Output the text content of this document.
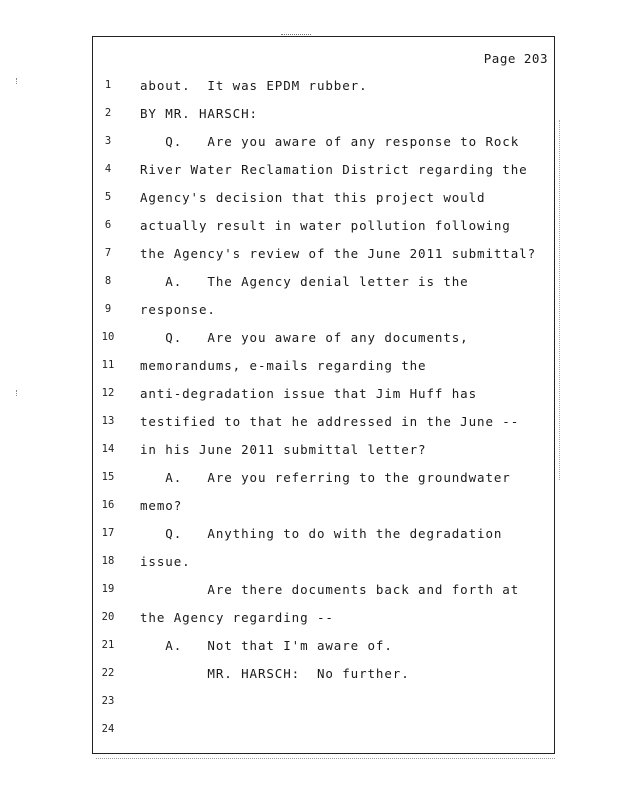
Page 203
1	about.  It was EPDM rubber.
2	BY MR. HARSCH:
3	Q.   Are you aware of any response to Rock
4	River Water Reclamation District regarding the
5	Agency's decision that this project would
6	actually result in water pollution following
7	the Agency's review of the June 2011 submittal?
8	A.   The Agency denial letter is the
9	response.
10	Q.   Are you aware of any documents,
11	memorandums, e-mails regarding the
12	anti-degradation issue that Jim Huff has
13	testified to that he addressed in the June --
14	in his June 2011 submittal letter?
15	A.   Are you referring to the groundwater
16	memo?
17	Q.   Anything to do with the degradation
18	issue.
19	Are there documents back and forth at
20	the Agency regarding --
21	A.   Not that I'm aware of.
22	MR. HARSCH:  No further.
23
24
